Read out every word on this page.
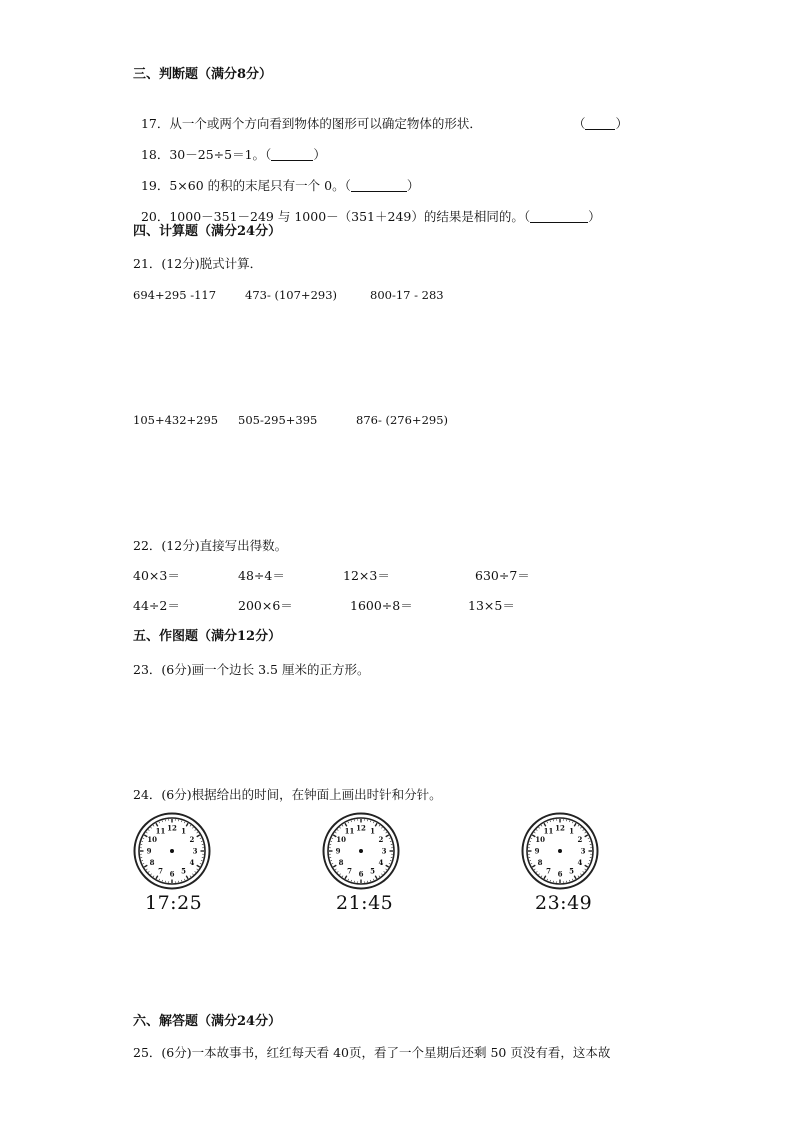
三、判断题（满分8分）

17．从一个或两个方向看到物体的图形可以确定物体的形状．	（ ）

18．30－25÷5＝1。（	）

19．5×60 的积的末尾只有一个 0。（	）

20．1000－351－249 与 1000－（351＋249）的结果是相同的。（	）

四、计算题（满分24分）
21．(12分)脱式计算．
694+295 -117	473- (107+293)	800-17 - 283
105+432+295 505-295+395	876- (276+295)
22．(12分)直接写出得数。
40×3＝	48÷4＝	12×3＝	630÷7＝
44÷2＝	200×6＝	1600÷8＝	13×5＝
五、作图题（满分12分）
23．(6分)画一个边长 3.5 厘米的正方形。
24．(6分)根据给出的时间，在钟面上画出时针和分针。
12 1
2
3
4
5
6
7
8
9
10
11	12 1
2
3
4
5
6
7
8
9
10
11	12 1
2
3
4
5
6
7
8
9
10
11
17:25	21:45	23:49
六、解答题（满分24分）
25．(6分)一本故事书，红红每天看 40页，看了一个星期后还剩 50 页没有看，这本故
